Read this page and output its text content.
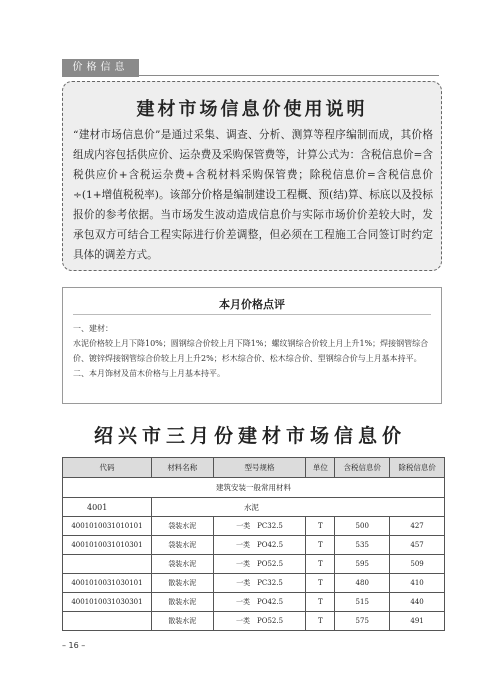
价格信息
建材市场信息价使用说明
“建材市场信息价”是通过采集、调查、分析、测算等程序编制而成，其价格组成内容包括供应价、运杂费及采购保管费等，计算公式为：含税信息价=含税供应价+含税运杂费+含税材料采购保管费；除税信息价=含税信息价÷(1+增值税税率)。该部分价格是编制建设工程概、预(结)算、标底以及投标报价的参考依据。当市场发生波动造成信息价与实际市场价价差较大时，发承包双方可结合工程实际进行价差调整，但必须在工程施工合同签订时约定具体的调差方式。
本月价格点评

一、建材：

水泥价格较上月下降10%；圆钢综合价较上月下降1%；螺纹钢综合价较上月上升1%；焊接钢管综合价、镀锌焊接钢管综合价较上月上升2%；杉木综合价、松木综合价、型钢综合价与上月基本持平。

二、本月饰材及苗木价格与上月基本持平。

绍兴市三月份建材市场信息价
代码	材料名称	型号规格	单位	含税信息价	除税信息价
建筑安装一般常用材料					
4001	水泥				
4001010031010101	袋装水泥	一类　PC32.5	T	500	427
4001010031010301	袋装水泥	一类　PO42.5	T	535	457
	袋装水泥	一类　PO52.5	T	595	509
4001010031030101	散装水泥	一类　PC32.5	T	480	410
4001010031030301	散装水泥	一类　PO42.5	T	515	440
	散装水泥	一类　PO52.5	T	575	491
– 16 –
